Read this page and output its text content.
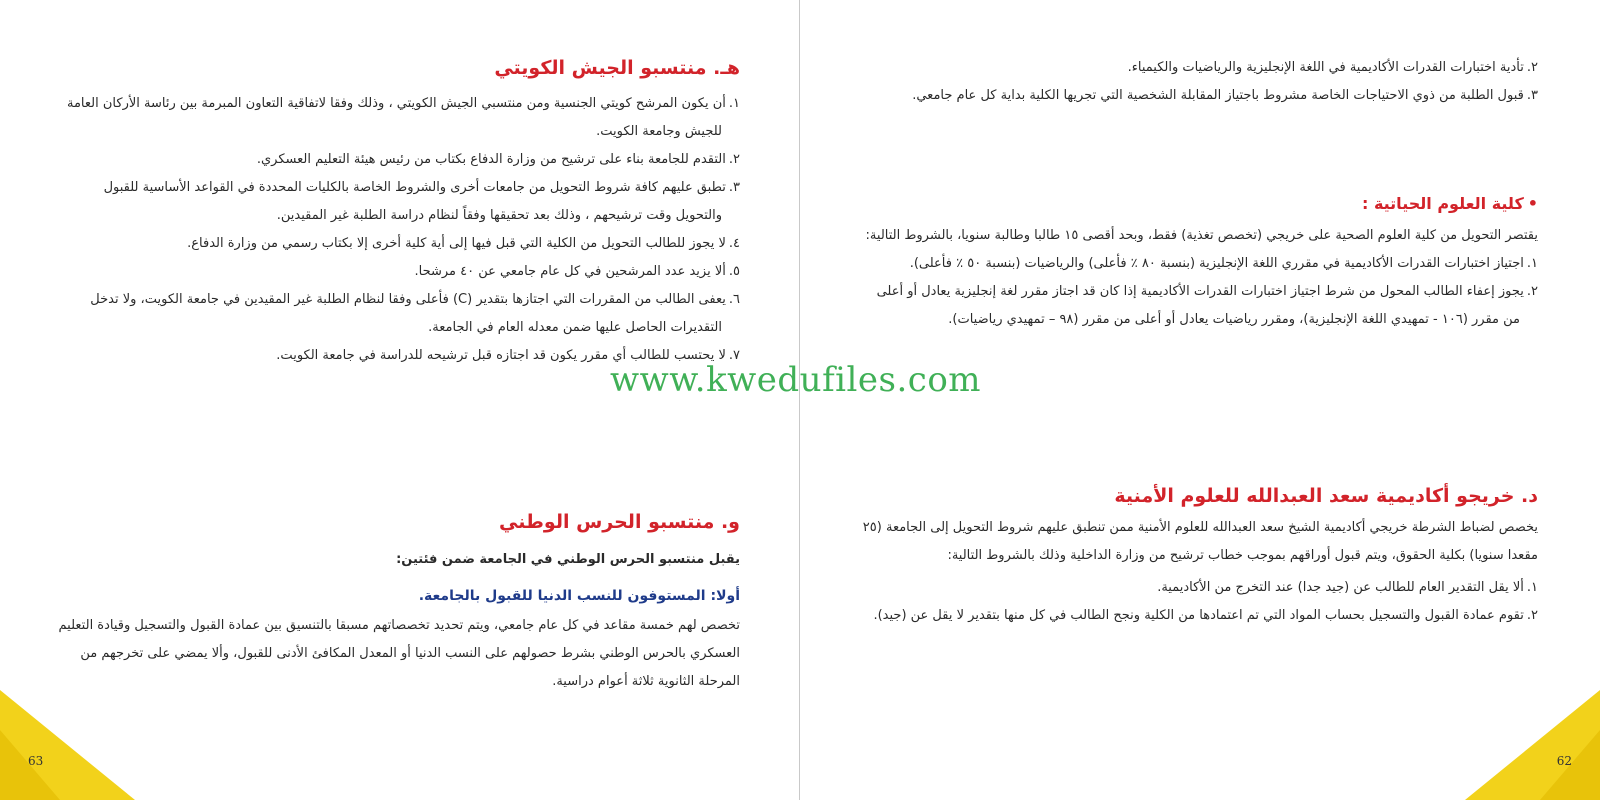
هـ. منتسبو الجيش الكويتي
١.أن يكون المرشح كويتي الجنسية ومن منتسبي الجيش الكويتي ، وذلك وفقا لاتفاقية التعاون المبرمة بين رئاسة الأركان العامة للجيش وجامعة الكويت.
٢.التقدم للجامعة بناء على ترشيح من وزارة الدفاع بكتاب من رئيس هيئة التعليم العسكري.
٣.تطبق عليهم كافة شروط التحويل من جامعات أخرى والشروط الخاصة بالكليات المحددة في القواعد الأساسية للقبول والتحويل وقت ترشيحهم ، وذلك بعد تحقيقها وفقاً لنظام دراسة الطلبة غير المقيدين.
٤.لا يجوز للطالب التحويل من الكلية التي قبل فيها إلى أية كلية أخرى إلا بكتاب رسمي من وزارة الدفاع.
٥.ألا يزيد عدد المرشحين في كل عام جامعي عن ٤٠ مرشحا.
٦.يعفى الطالب من المقررات التي اجتازها بتقدير (C) فأعلى وفقا لنظام الطلبة غير المقيدين في جامعة الكويت، ولا تدخل التقديرات الحاصل عليها ضمن معدله العام في الجامعة.
٧.لا يحتسب للطالب أي مقرر يكون قد اجتازه قبل ترشيحه للدراسة في جامعة الكويت.
و. منتسبو الحرس الوطني

يقبل منتسبو الحرس الوطني في الجامعة ضمن فئتين:

أولا: المستوفون للنسب الدنيا للقبول بالجامعة.

تخصص لهم خمسة مقاعد في كل عام جامعي، ويتم تحديد تخصصاتهم مسبقا بالتنسيق بين عمادة القبول والتسجيل وقيادة التعليم العسكري بالحرس الوطني بشرط حصولهم على النسب الدنيا أو المعدل المكافئ الأدنى للقبول، وألا يمضي على تخرجهم من المرحلة الثانوية ثلاثة أعوام دراسية.

63
٢.تأدية اختبارات القدرات الأكاديمية في اللغة الإنجليزية والرياضيات والكيمياء.
٣.قبول الطلبة من ذوي الاحتياجات الخاصة مشروط باجتياز المقابلة الشخصية التي تجريها الكلية بداية كل عام جامعي.
•كلية العلوم الحياتية :

يقتصر التحويل من كلية العلوم الصحية على خريجي (تخصص تغذية) فقط، وبحد أقصى ١٥ طالبا وطالبة سنويا، بالشروط التالية:

١.اجتياز اختبارات القدرات الأكاديمية في مقرري اللغة الإنجليزية (بنسبة ٨٠ ٪ فأعلى) والرياضيات (بنسبة ٥٠ ٪ فأعلى).
٢.يجوز إعفاء الطالب المحول من شرط اجتياز اختبارات القدرات الأكاديمية إذا كان قد اجتاز مقرر لغة إنجليزية يعادل أو أعلى من مقرر (١٠٦ - تمهيدي اللغة الإنجليزية)، ومقرر رياضيات يعادل أو أعلى من مقرر (٩٨ – تمهيدي رياضيات).
د. خريجو أكاديمية سعد العبدالله للعلوم الأمنية

يخصص لضباط الشرطة خريجي أكاديمية الشيخ سعد العبدالله للعلوم الأمنية ممن تنطبق عليهم شروط التحويل إلى الجامعة (٢٥ مقعدا سنويا) بكلية الحقوق، ويتم قبول أوراقهم بموجب خطاب ترشيح من وزارة الداخلية وذلك بالشروط التالية:

١.ألا يقل التقدير العام للطالب عن (جيد جدا) عند التخرج من الأكاديمية.
٢.تقوم عمادة القبول والتسجيل بحساب المواد التي تم اعتمادها من الكلية ونجح الطالب في كل منها بتقدير لا يقل عن (جيد).
62
www.kwedufiles.com
